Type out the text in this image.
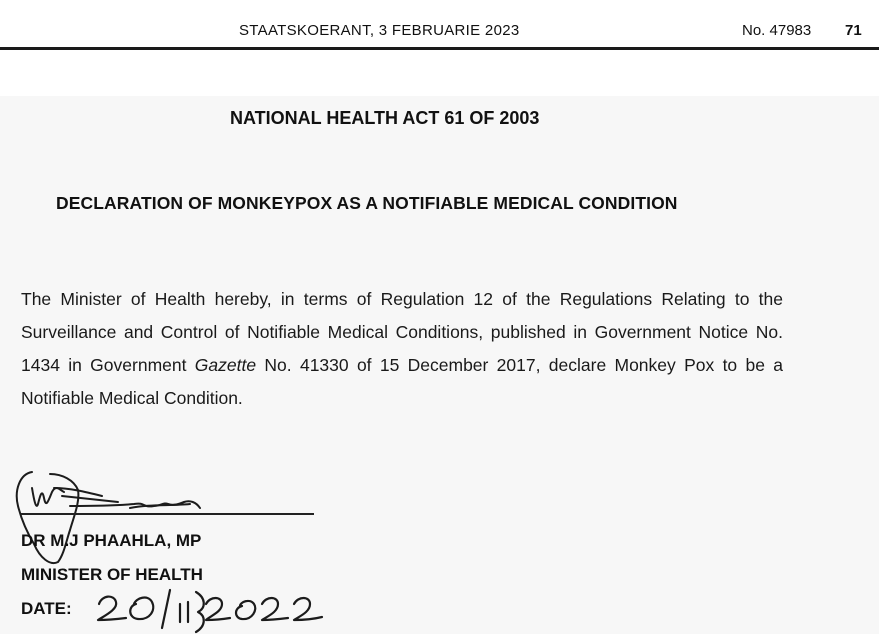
STAATSKOERANT, 3 FEBRUARIE 2023	No. 47983 71
NATIONAL HEALTH ACT 61 OF 2003
DECLARATION OF MONKEYPOX AS A NOTIFIABLE MEDICAL CONDITION
The Minister of Health hereby, in terms of Regulation 12 of the Regulations Relating to the Surveillance and Control of Notifiable Medical Conditions, published in Government Notice No. 1434 in Government Gazette No. 41330 of 15 December 2017, declare Monkey Pox to be a Notifiable Medical Condition.
DR M.J PHAAHLA, MP
MINISTER OF HEALTH
DATE:
